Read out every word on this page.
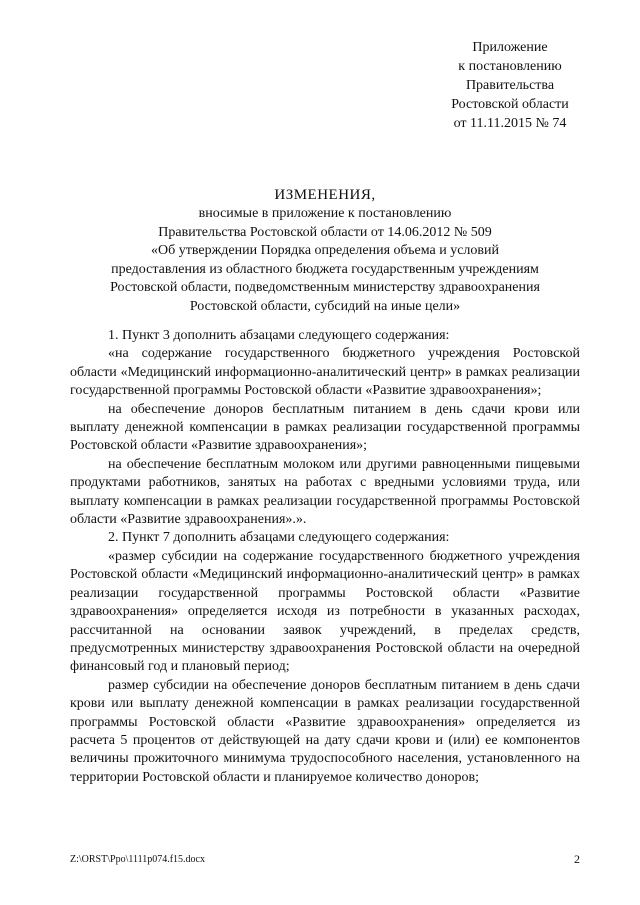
Приложение
к постановлению
Правительства
Ростовской области
от 11.11.2015 № 74
ИЗМЕНЕНИЯ,
вносимые в приложение к постановлению
Правительства Ростовской области от 14.06.2012 № 509
«Об утверждении Порядка определения объема и условий
предоставления из областного бюджета государственным учреждениям
Ростовской области, подведомственным министерству здравоохранения
Ростовской области, субсидий на иные цели»

1. Пункт 3 дополнить абзацами следующего содержания:

«на содержание государственного бюджетного учреждения Ростовской области «Медицинский информационно-аналитический центр» в рамках реализации государственной программы Ростовской области «Развитие здравоохранения»;

на обеспечение доноров бесплатным питанием в день сдачи крови или выплату денежной компенсации в рамках реализации государственной программы Ростовской области «Развитие здравоохранения»;

на обеспечение бесплатным молоком или другими равноценными пищевыми продуктами работников, занятых на работах с вредными условиями труда, или выплату компенсации в рамках реализации государственной программы Ростовской области «Развитие здравоохранения».».

2. Пункт 7 дополнить абзацами следующего содержания:

«размер субсидии на содержание государственного бюджетного учреждения Ростовской области «Медицинский информационно-аналитический центр» в рамках реализации государственной программы Ростовской области «Развитие здравоохранения» определяется исходя из потребности в указанных расходах, рассчитанной на основании заявок учреждений, в пределах средств, предусмотренных министерству здравоохранения Ростовской области на очередной финансовый год и плановый период;

размер субсидии на обеспечение доноров бесплатным питанием в день сдачи крови или выплату денежной компенсации в рамках реализации государственной программы Ростовской области «Развитие здравоохранения» определяется из расчета 5 процентов от действующей на дату сдачи крови и (или) ее компонентов величины прожиточного минимума трудоспособного населения, установленного на территории Ростовской области и планируемое количество доноров;

Z:\ORST\Ppo\1111p074.f15.docx	2
